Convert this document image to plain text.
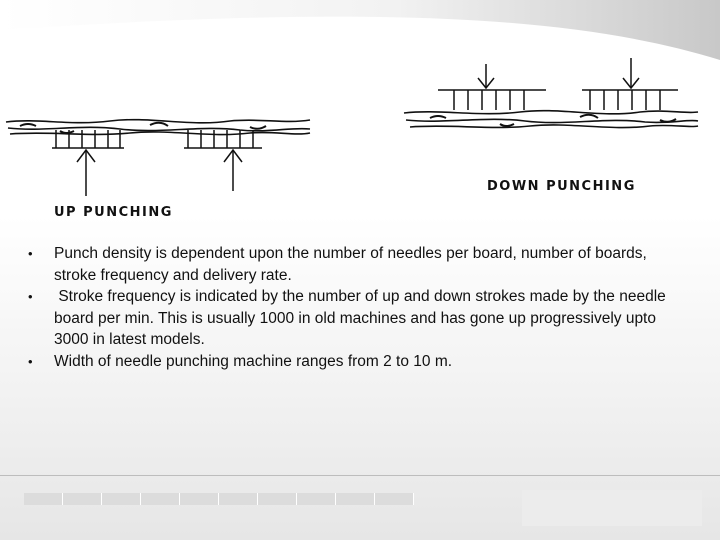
UP PUNCHING
DOWN PUNCHING
• Punch density is dependent upon the number of needles per board, number of boards, stroke frequency and delivery rate.
• Stroke frequency is indicated by the number of up and down strokes made by the needle board per min. This is usually 1000 in old machines and has gone up progressively upto 3000 in latest models.
• Width of needle punching machine ranges from 2 to 10 m.
